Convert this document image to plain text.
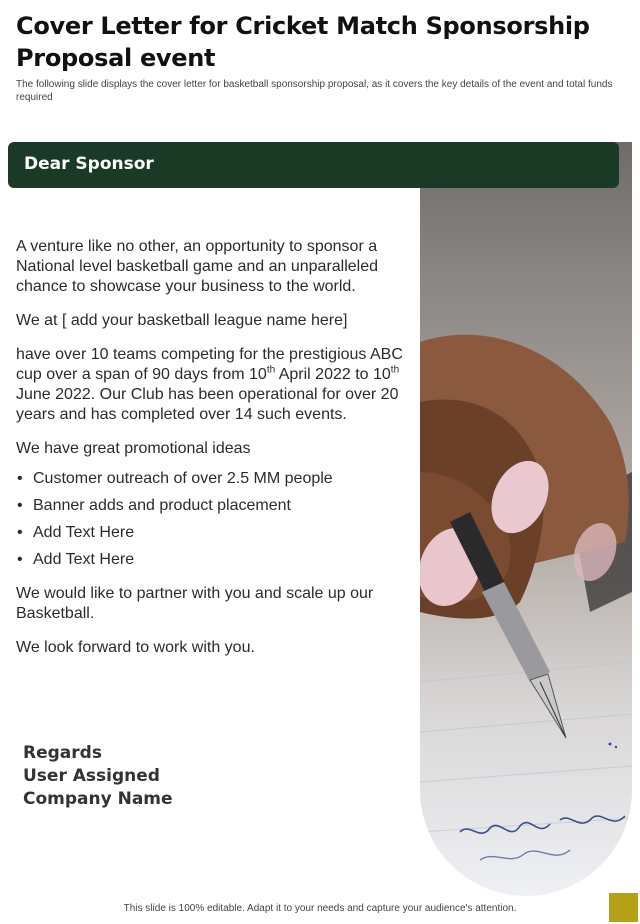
Cover Letter for Cricket Match Sponsorship Proposal event
The following slide displays the cover letter for basketball sponsorship proposal, as it covers the key details of the event and total funds required
Dear Sponsor

A venture like no other, an opportunity to sponsor a National level basketball game and an unparalleled chance to showcase your business to the world.

We at [ add your basketball league name here]

have over 10 teams competing for the prestigious ABC cup over a span of 90 days from 10th April 2022 to 10th June 2022. Our Club has been operational for over 20 years and has completed over 14 such events.

We have great promotional ideas

• Customer outreach of over 2.5 MM people
• Banner adds and product placement
• Add Text Here
• Add Text Here

We would like to partner with you and scale up our Basketball.

We look forward to work with you.

Regards
User Assigned
Company Name
This slide is 100% editable. Adapt it to your needs and capture your audience's attention.
